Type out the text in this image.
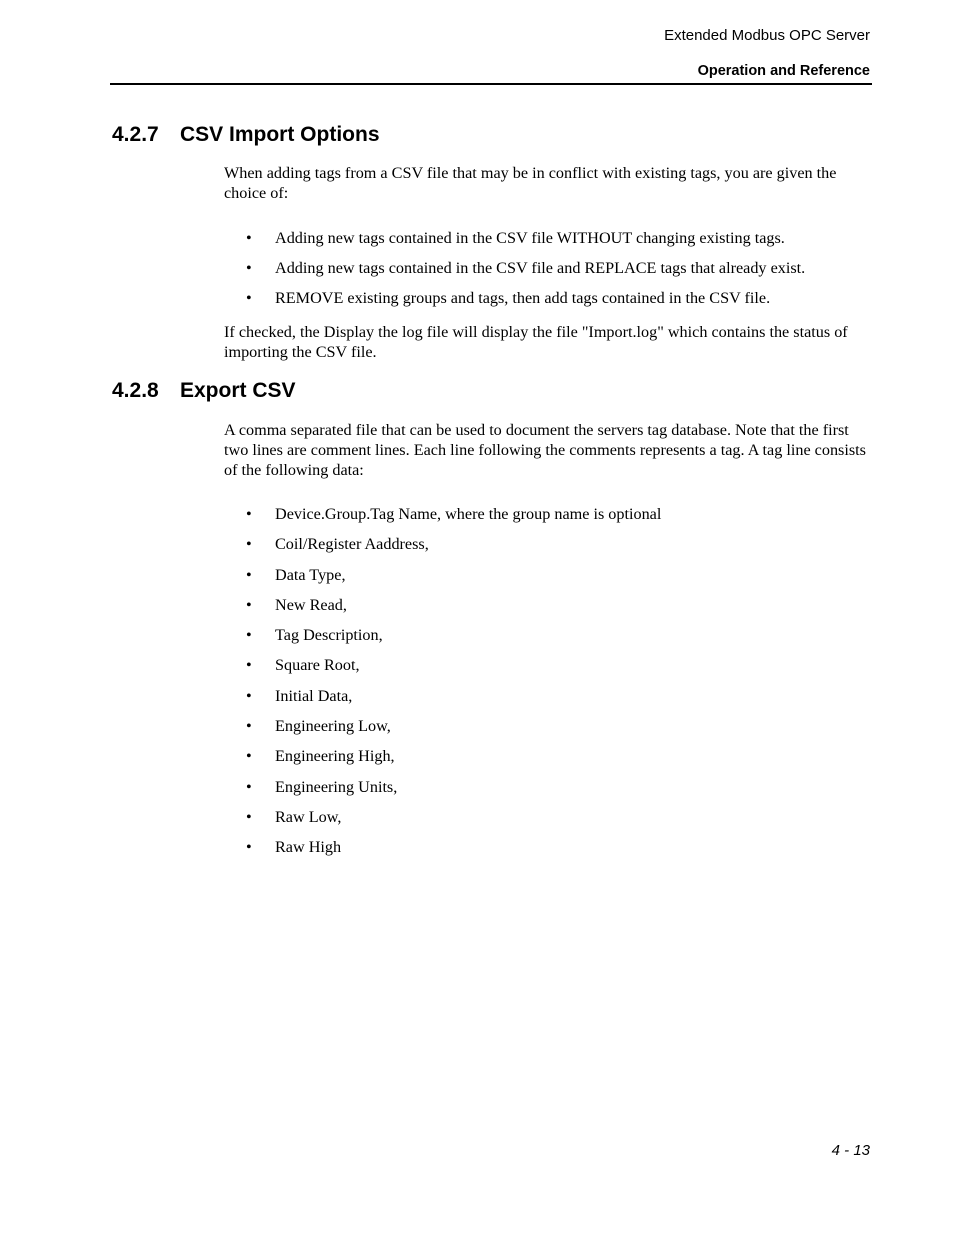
Extended Modbus OPC Server
Operation and Reference
4.2.7 CSV Import Options
When adding tags from a CSV file that may be in conflict with existing tags, you are given the choice of:
• Adding new tags contained in the CSV file WITHOUT changing existing tags.
• Adding new tags contained in the CSV file and REPLACE tags that already exist.
• REMOVE existing groups and tags, then add tags contained in the CSV file.
If checked, the Display the log file will display the file "Import.log" which contains the status of importing the CSV file.
4.2.8 Export CSV
A comma separated file that can be used to document the servers tag database. Note that the first two lines are comment lines. Each line following the comments represents a tag. A tag line consists of the following data:
• Device.Group.Tag Name, where the group name is optional
• Coil/Register Aaddress,
• Data Type,
• New Read,
• Tag Description,
• Square Root,
• Initial Data,
• Engineering Low,
• Engineering High,
• Engineering Units,
• Raw Low,
• Raw High
4 - 13
